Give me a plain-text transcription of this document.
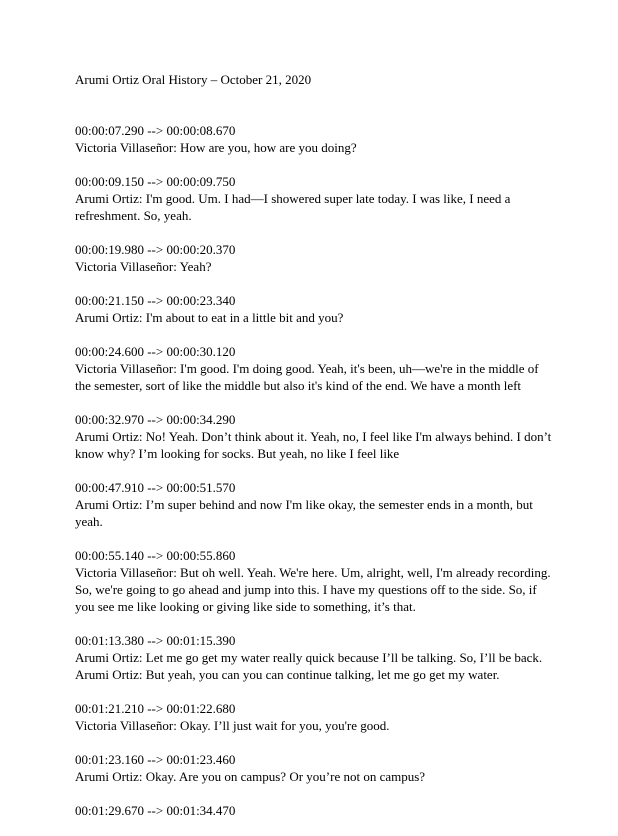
Arumi Ortiz Oral History – October 21, 2020
00:00:07.290 --> 00:00:08.670
Victoria Villaseñor: How are you, how are you doing?
00:00:09.150 --> 00:00:09.750
Arumi Ortiz: I'm good. Um. I had—I showered super late today. I was like, I need a refreshment. So, yeah.
00:00:19.980 --> 00:00:20.370
Victoria Villaseñor: Yeah?
00:00:21.150 --> 00:00:23.340
Arumi Ortiz: I'm about to eat in a little bit and you?
00:00:24.600 --> 00:00:30.120
Victoria Villaseñor: I'm good. I'm doing good. Yeah, it's been, uh—we're in the middle of the semester, sort of like the middle but also it's kind of the end. We have a month left
00:00:32.970 --> 00:00:34.290
Arumi Ortiz: No! Yeah. Don’t think about it. Yeah, no, I feel like I'm always behind. I don’t know why? I’m looking for socks. But yeah, no like I feel like
00:00:47.910 --> 00:00:51.570
Arumi Ortiz: I’m super behind and now I'm like okay, the semester ends in a month, but yeah.
00:00:55.140 --> 00:00:55.860
Victoria Villaseñor: But oh well. Yeah. We're here. Um, alright, well, I'm already recording. So, we're going to go ahead and jump into this. I have my questions off to the side. So, if you see me like looking or giving like side to something, it’s that.
00:01:13.380 --> 00:01:15.390
Arumi Ortiz: Let me go get my water really quick because I’ll be talking. So, I’ll be back. Arumi Ortiz: But yeah, you can you can continue talking, let me go get my water.
00:01:21.210 --> 00:01:22.680
Victoria Villaseñor: Okay. I’ll just wait for you, you're good.
00:01:23.160 --> 00:01:23.460
Arumi Ortiz: Okay. Are you on campus? Or you’re not on campus?
00:01:29.670 --> 00:01:34.470
